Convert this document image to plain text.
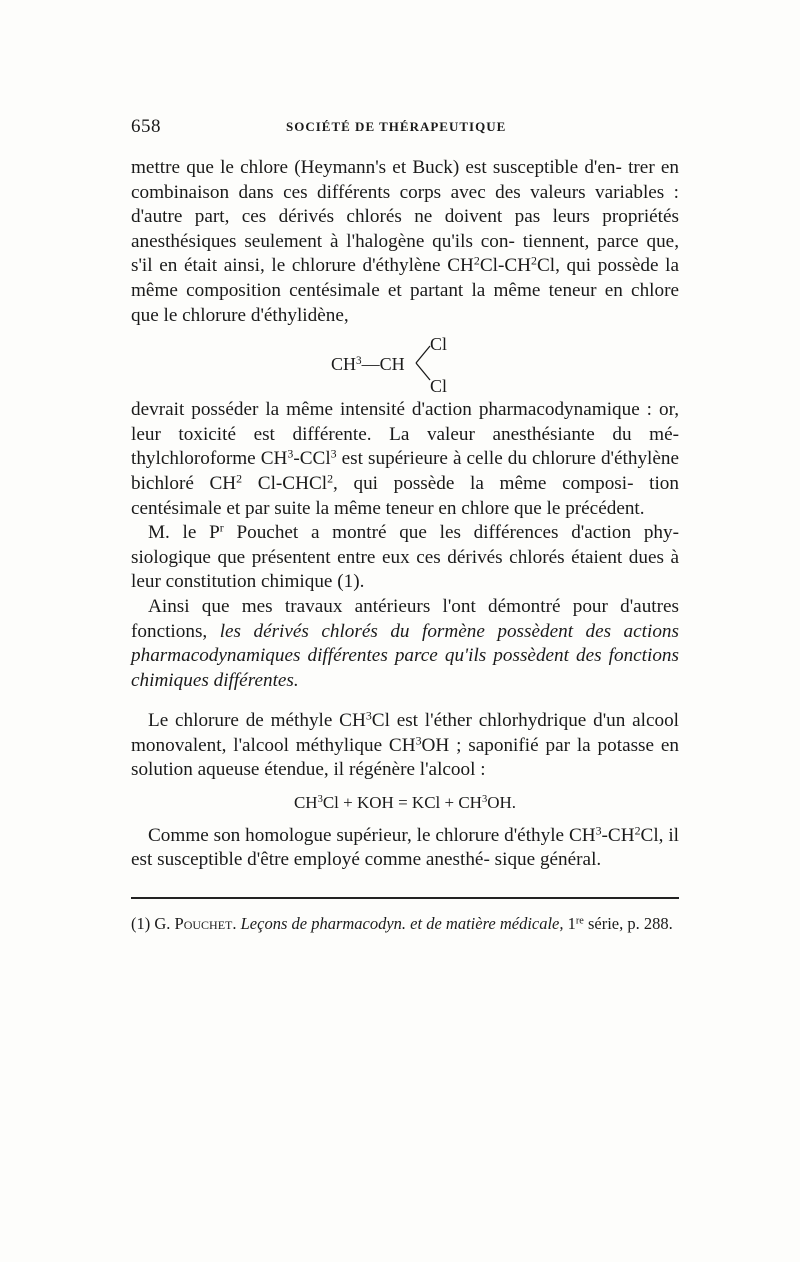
658	SOCIÉTÉ DE THÉRAPEUTIQUE

mettre que le chlore (Heymann's et Buck) est susceptible d'en- trer en combinaison dans ces différents corps avec des valeurs variables : d'autre part, ces dérivés chlorés ne doivent pas leurs propriétés anesthésiques seulement à l'halogène qu'ils con- tiennent, parce que, s'il en était ainsi, le chlorure d'éthylène $CH^2Cl-CH^2Cl$, qui possède la même composition centésimale et partant la même teneur en chlore que le chlorure d'éthylidène,

Cl
$CH^3—CH$
Cl

devrait posséder la même intensité d'action pharmacodynamique : or, leur toxicité est différente. La valeur anesthésiante du mé- thylchloroforme $CH^3-CCl^3$ est supérieure à celle du chlorure d'éthylène bichloré $CH^2$ Cl-CHCl$^2$, qui possède la même composi- tion centésimale et par suite la même teneur en chlore que le précédent.

M. le $P^r$ Pouchet a montré que les différences d'action phy- siologique que présentent entre eux ces dérivés chlorés étaient dues à leur constitution chimique (1).

Ainsi que mes travaux antérieurs l'ont démontré pour d'autres fonctions, les dérivés chlorés du formène possèdent des actions pharmacodynamiques différentes parce qu'ils possèdent des fonctions chimiques différentes.

Le chlorure de méthyle $CH^3Cl$ est l'éther chlorhydrique d'un alcool monovalent, l'alcool méthylique $CH^3OH$ ; saponifié par la potasse en solution aqueuse étendue, il régénère l'alcool :

$CH^3Cl$ + KOH = KCl + $CH^3OH$.

Comme son homologue supérieur, le chlorure d'éthyle $CH^3-CH^2Cl$, il est susceptible d'être employé comme anesthé- sique général.

(1) G. Pouchet. Leçons de pharmacodyn. et de matière médicale, 1re série, p. 288.
